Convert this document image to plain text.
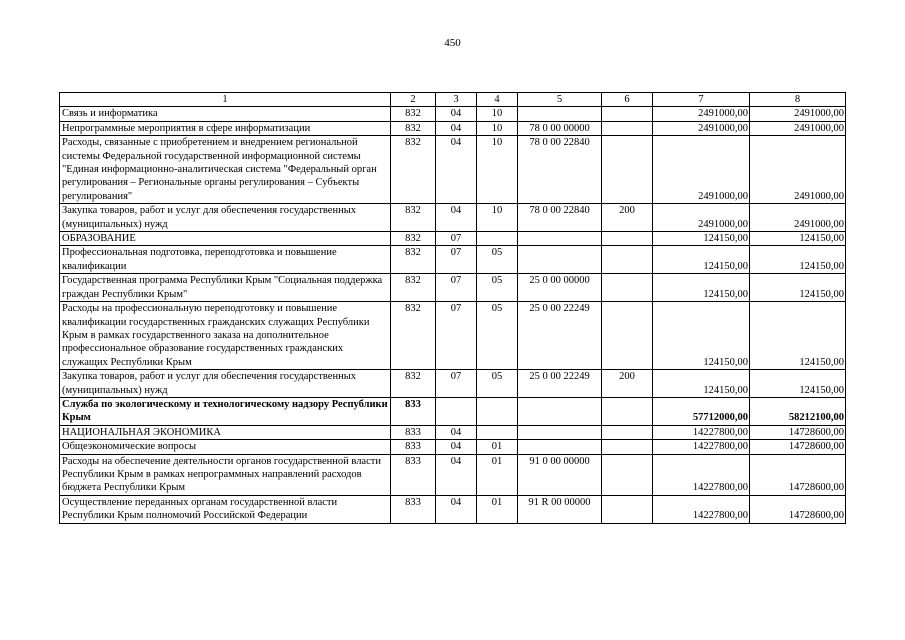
450
1	2	3	4	5	6	7	8
Связь и информатика	832	04	10			2491000,00	2491000,00
Непрограммные мероприятия в сфере информатизации	832	04	10	78 0 00 00000		2491000,00	2491000,00
Расходы, связанные с приобретением и внедрением региональной системы Федеральной государственной информационной системы "Единая информационно-аналитическая система "Федеральный орган регулирования – Региональные органы регулирования – Субъекты регулирования"	832	04	10	78 0 00 22840		2491000,00	2491000,00
Закупка товаров, работ и услуг для обеспечения государственных (муниципальных) нужд	832	04	10	78 0 00 22840	200	2491000,00	2491000,00
ОБРАЗОВАНИЕ	832	07				124150,00	124150,00
Профессиональная подготовка, переподготовка и повышение квалификации	832	07	05			124150,00	124150,00
Государственная программа Республики Крым "Социальная поддержка граждан Республики Крым"	832	07	05	25 0 00 00000		124150,00	124150,00
Расходы на профессиональную переподготовку и повышение квалификации государственных гражданских служащих Республики Крым в рамках государственного заказа на дополнительное профессиональное образование государственных гражданских служащих Республики Крым	832	07	05	25 0 00 22249		124150,00	124150,00
Закупка товаров, работ и услуг для обеспечения государственных (муниципальных) нужд	832	07	05	25 0 00 22249	200	124150,00	124150,00
Служба по экологическому и технологическому надзору Республики Крым	833					57712000,00	58212100,00
НАЦИОНАЛЬНАЯ ЭКОНОМИКА	833	04				14227800,00	14728600,00
Общеэкономические вопросы	833	04	01			14227800,00	14728600,00
Расходы на обеспечение деятельности органов государственной власти Республики Крым в рамках непрограммных направлений расходов бюджета Республики Крым	833	04	01	91 0 00 00000		14227800,00	14728600,00
Осуществление переданных органам государственной власти Республики Крым полномочий Российской Федерации	833	04	01	91 R 00 00000		14227800,00	14728600,00
